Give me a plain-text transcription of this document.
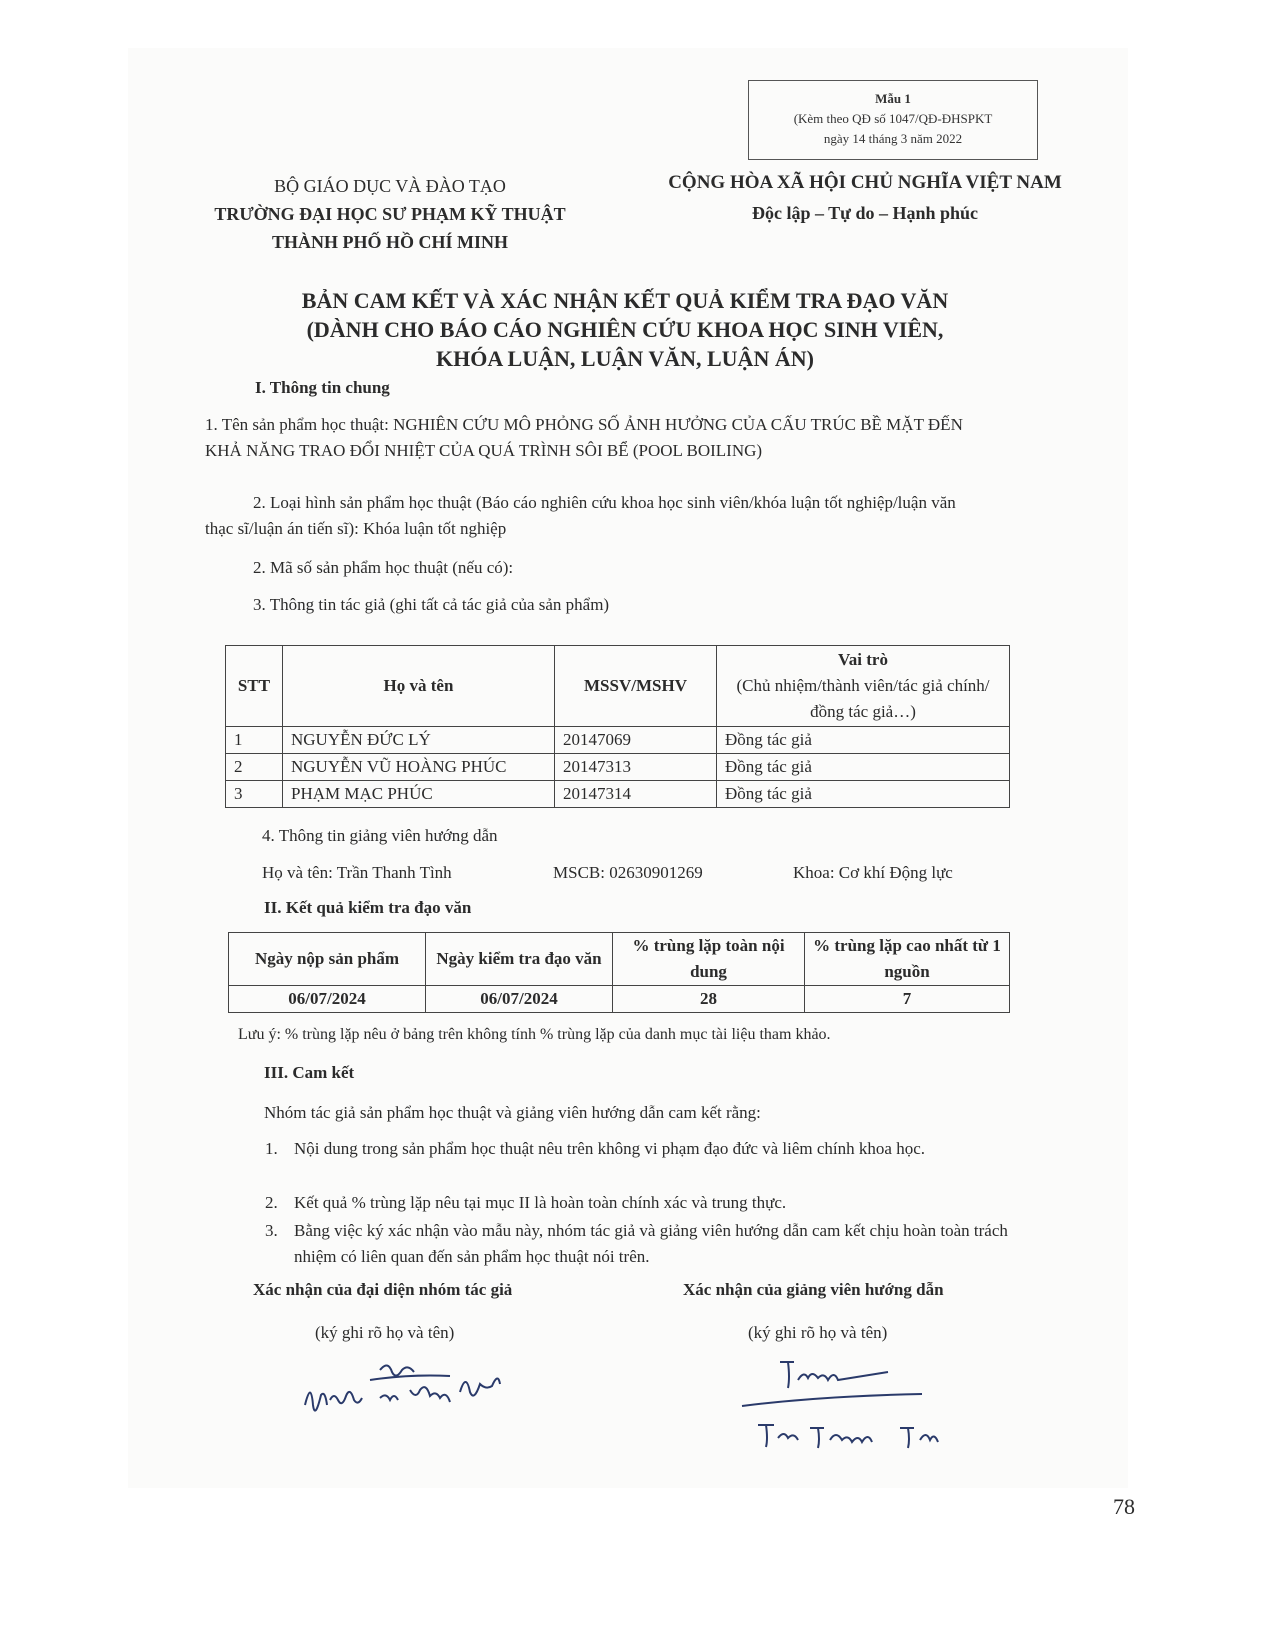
Mẫu 1
(Kèm theo QĐ số 1047/QĐ-ĐHSPKT
ngày 14 tháng 3 năm 2022
BỘ GIÁO DỤC VÀ ĐÀO TẠO
TRƯỜNG ĐẠI HỌC SƯ PHẠM KỸ THUẬT
THÀNH PHỐ HỒ CHÍ MINH
CỘNG HÒA XÃ HỘI CHỦ NGHĨA VIỆT NAM
Độc lập – Tự do – Hạnh phúc
BẢN CAM KẾT VÀ XÁC NHẬN KẾT QUẢ KIỂM TRA ĐẠO VĂN
(DÀNH CHO BÁO CÁO NGHIÊN CỨU KHOA HỌC SINH VIÊN,
KHÓA LUẬN, LUẬN VĂN, LUẬN ÁN)
I. Thông tin chung
1. Tên sản phẩm học thuật: NGHIÊN CỨU MÔ PHỎNG SỐ ẢNH HƯỞNG CỦA CẤU TRÚC BỀ MẶT ĐẾN KHẢ NĂNG TRAO ĐỔI NHIỆT CỦA QUÁ TRÌNH SÔI BỂ (POOL BOILING)
2. Loại hình sản phẩm học thuật (Báo cáo nghiên cứu khoa học sinh viên/khóa luận tốt nghiệp/luận văn thạc sĩ/luận án tiến sĩ): Khóa luận tốt nghiệp
2. Mã số sản phẩm học thuật (nếu có):
3. Thông tin tác giả (ghi tất cả tác giả của sản phẩm)
STT	Họ và tên	MSSV/MSHV	Vai trò
(Chủ nhiệm/thành viên/tác giả chính/đồng tác giả…)

1	NGUYỄN ĐỨC LÝ	20147069	Đồng tác giả
2	NGUYỄN VŨ HOÀNG PHÚC	20147313	Đồng tác giả
3	PHẠM MẠC PHÚC	20147314	Đồng tác giả
4. Thông tin giảng viên hướng dẫn
Họ và tên: Trần Thanh Tình	MSCB: 02630901269	Khoa: Cơ khí Động lực
II. Kết quả kiểm tra đạo văn
Ngày nộp sản phẩm	Ngày kiểm tra đạo văn	% trùng lặp toàn nội dung	% trùng lặp cao nhất từ 1 nguồn
06/07/2024	06/07/2024	28	7
Lưu ý: % trùng lặp nêu ở bảng trên không tính % trùng lặp của danh mục tài liệu tham khảo.
III. Cam kết
Nhóm tác giả sản phẩm học thuật và giảng viên hướng dẫn cam kết rằng:
1. Nội dung trong sản phẩm học thuật nêu trên không vi phạm đạo đức và liêm chính khoa học.
2. Kết quả % trùng lặp nêu tại mục II là hoàn toàn chính xác và trung thực.
3. Bằng việc ký xác nhận vào mẫu này, nhóm tác giả và giảng viên hướng dẫn cam kết chịu hoàn toàn trách nhiệm có liên quan đến sản phẩm học thuật nói trên.
Xác nhận của đại diện nhóm tác giả
(ký ghi rõ họ và tên)
Xác nhận của giảng viên hướng dẫn
(ký ghi rõ họ và tên)
78
